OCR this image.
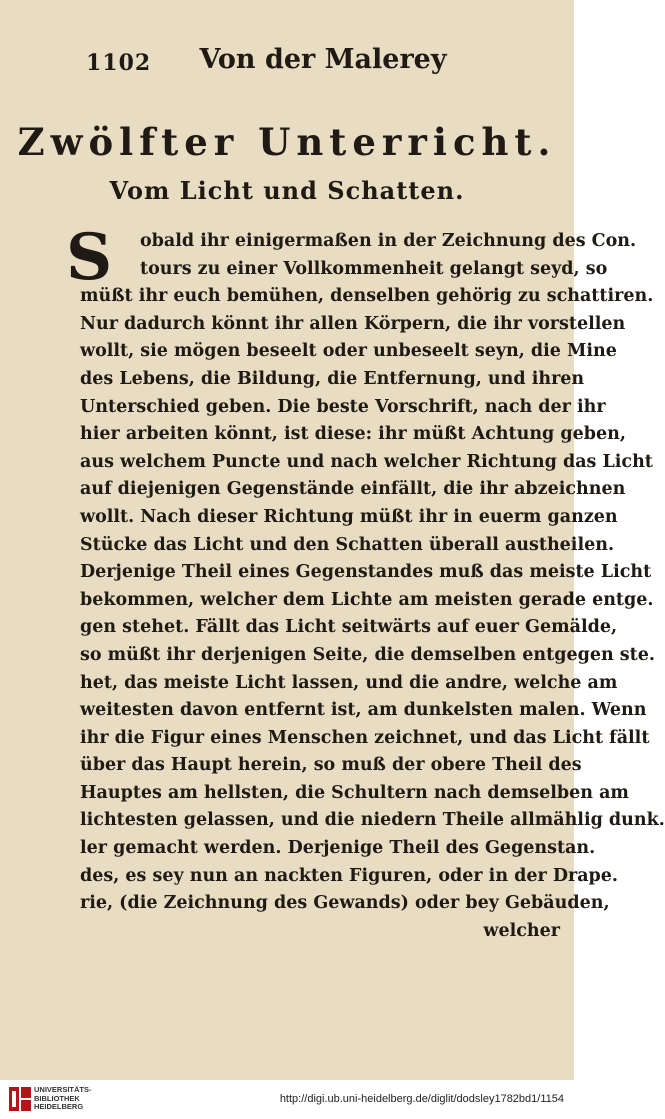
1102	Von der Malerey
Zwölfter Unterricht.
Vom Licht und Schatten.
S	obald ihr einigermaßen in der Zeichnung des Con.
tours zu einer Vollkommenheit gelangt seyd, so
müßt ihr euch bemühen, denselben gehörig zu schattiren.
Nur dadurch könnt ihr allen Körpern, die ihr vorstellen
wollt, sie mögen beseelt oder unbeseelt seyn, die Mine
des Lebens, die Bildung, die Entfernung, und ihren
Unterschied geben. Die beste Vorschrift, nach der ihr
hier arbeiten könnt, ist diese: ihr müßt Achtung geben,
aus welchem Puncte und nach welcher Richtung das Licht
auf diejenigen Gegenstände einfällt, die ihr abzeichnen
wollt. Nach dieser Richtung müßt ihr in euerm ganzen
Stücke das Licht und den Schatten überall austheilen.
Derjenige Theil eines Gegenstandes muß das meiste Licht
bekommen, welcher dem Lichte am meisten gerade entge.
gen stehet. Fällt das Licht seitwärts auf euer Gemälde,
so müßt ihr derjenigen Seite, die demselben entgegen ste.
het, das meiste Licht lassen, und die andre, welche am
weitesten davon entfernt ist, am dunkelsten malen. Wenn
ihr die Figur eines Menschen zeichnet, und das Licht fällt
über das Haupt herein, so muß der obere Theil des
Hauptes am hellsten, die Schultern nach demselben am
lichtesten gelassen, und die niedern Theile allmählig dunk.
ler gemacht werden. Derjenige Theil des Gegenstan.
des, es sey nun an nackten Figuren, oder in der Drape.
rie, (die Zeichnung des Gewands) oder bey Gebäuden,
welcher
UNIVERSITÄTS-
BIBLIOTHEK
HEIDELBERG
http://digi.ub.uni-heidelberg.de/diglit/dodsley1782bd1/1154
